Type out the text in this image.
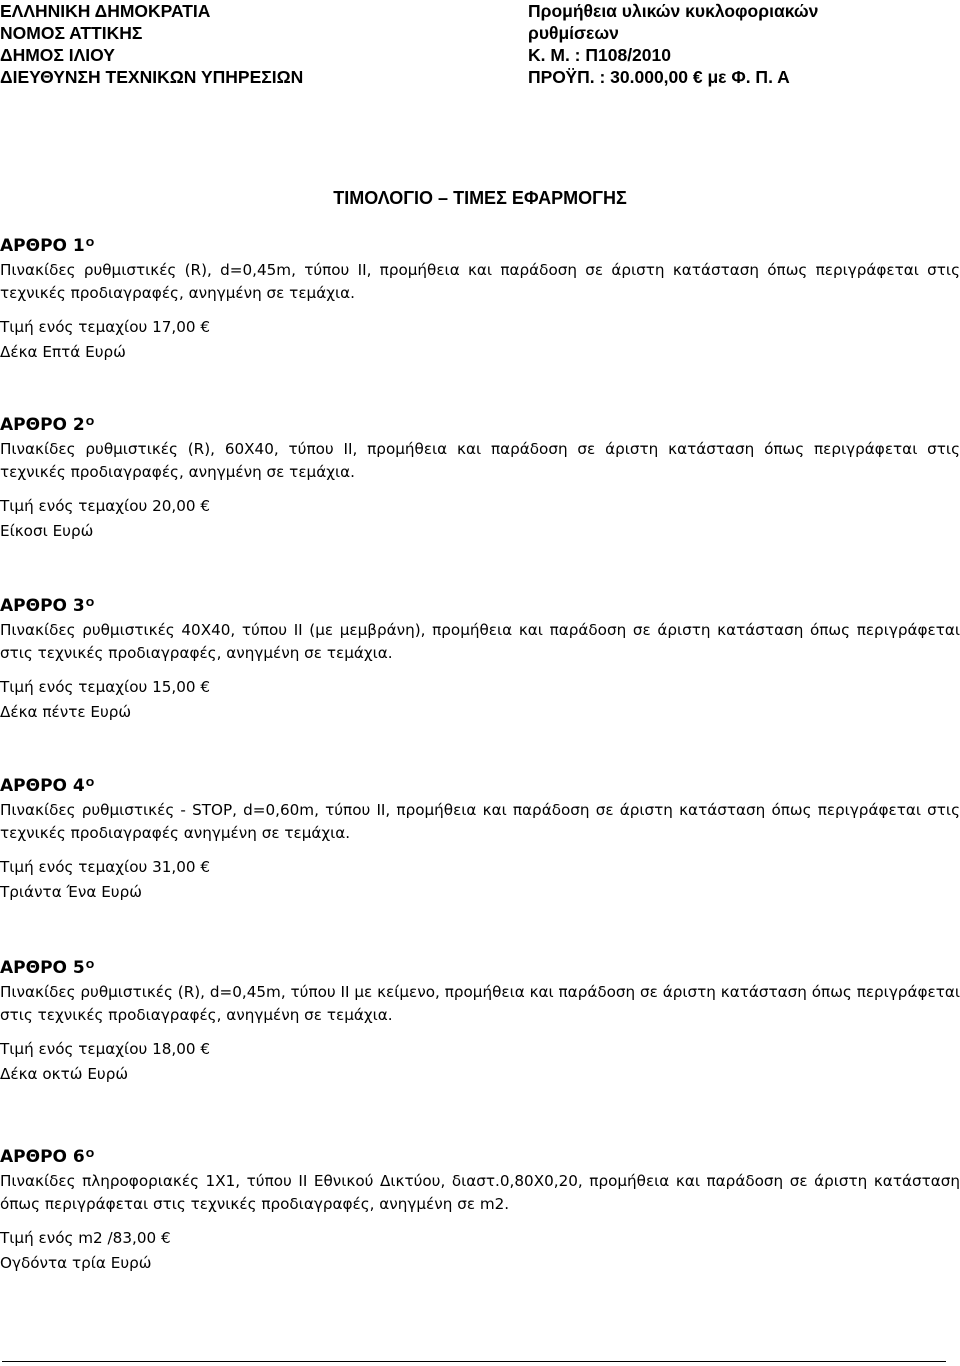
ΕΛΛΗΝΙΚΗ ΔΗΜΟΚΡΑΤΙΑ
ΝΟΜΟΣ ΑΤΤΙΚΗΣ
ΔΗΜΟΣ ΙΛΙΟΥ
ΔΙΕΥΘΥΝΣΗ ΤΕΧΝΙΚΩΝ ΥΠΗΡΕΣΙΩΝ
Προμήθεια υλικών κυκλοφοριακών
ρυθμίσεων
Κ. Μ. : Π108/2010
ΠΡΟΫΠ. : 30.000,00 € με Φ. Π. Α
ΤΙΜΟΛΟΓΙΟ – ΤΙΜΕΣ ΕΦΑΡΜΟΓΗΣ

ΑΡΘΡΟ $1^O$

Πινακίδες ρυθμιστικές (R), d=0,45m, τύπου ΙΙ, προμήθεια και παράδοση σε άριστη κατάσταση όπως περιγράφεται στις τεχνικές προδιαγραφές, ανηγμένη σε τεμάχια.

Τιμή ενός τεμαχίου 17,00 €

Δέκα Επτά Ευρώ

ΑΡΘΡΟ $2^O$

Πινακίδες ρυθμιστικές (R), 60Χ40, τύπου ΙΙ, προμήθεια και παράδοση σε άριστη κατάσταση όπως περιγράφεται στις τεχνικές προδιαγραφές, ανηγμένη σε τεμάχια.

Τιμή ενός τεμαχίου 20,00 €

Είκοσι Ευρώ

ΑΡΘΡΟ $3^O$

Πινακίδες ρυθμιστικές 40Χ40, τύπου ΙΙ (με μεμβράνη), προμήθεια και παράδοση σε άριστη κατάσταση όπως περιγράφεται στις τεχνικές προδιαγραφές, ανηγμένη σε τεμάχια.

Τιμή ενός τεμαχίου 15,00 €

Δέκα πέντε Ευρώ

ΑΡΘΡΟ $4^O$

Πινακίδες ρυθμιστικές - STOP, d=0,60m, τύπου ΙΙ, προμήθεια και παράδοση σε άριστη κατάσταση όπως περιγράφεται στις τεχνικές προδιαγραφές ανηγμένη σε τεμάχια.

Τιμή ενός τεμαχίου 31,00 €

Τριάντα Ένα Ευρώ

ΑΡΘΡΟ $5^O$

Πινακίδες ρυθμιστικές (R), d=0,45m, τύπου ΙΙ με κείμενο, προμήθεια και παράδοση σε άριστη κατάσταση όπως περιγράφεται στις τεχνικές προδιαγραφές, ανηγμένη σε τεμάχια.

Τιμή ενός τεμαχίου 18,00 €

Δέκα οκτώ Ευρώ

ΑΡΘΡΟ $6^O$

Πινακίδες πληροφοριακές 1Χ1, τύπου ΙΙ Εθνικού Δικτύου, διαστ.0,80Χ0,20, προμήθεια και παράδοση σε άριστη κατάσταση όπως περιγράφεται στις τεχνικές προδιαγραφές, ανηγμένη σε m2.

Τιμή ενός m2 /83,00 €

Ογδόντα τρία Ευρώ
